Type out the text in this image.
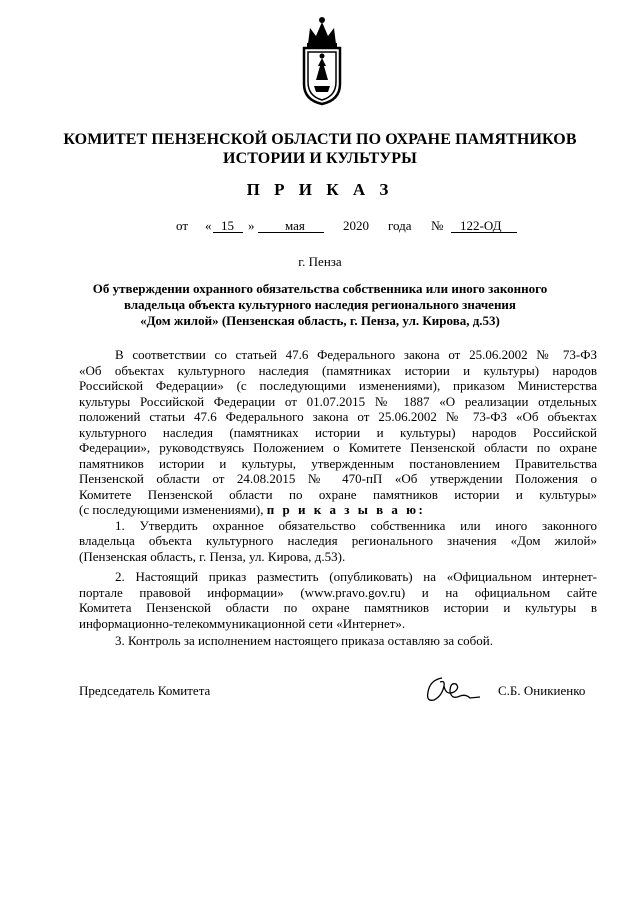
КОМИТЕТ ПЕНЗЕНСКОЙ ОБЛАСТИ ПО ОХРАНЕ ПАМЯТНИКОВ
ИСТОРИИ И КУЛЬТУРЫ
П Р И К А З
от « 15 » мая	2020 года № 122-ОД
г. Пенза
Об утверждении охранного обязательства собственника или иного законного
владельца объекта культурного наследия регионального значения
«Дом жилой» (Пензенская область, г. Пенза, ул. Кирова, д.53)
В соответствии со статьей 47.6 Федерального закона от 25.06.2002 № 73-ФЗ
«Об объектах культурного наследия (памятниках истории и культуры) народов
Российской Федерации» (с последующими изменениями), приказом Министерства
культуры Российской Федерации от 01.07.2015 № 1887 «О реализации отдельных
положений статьи 47.6 Федерального закона от 25.06.2002 № 73-ФЗ «Об объектах
культурного наследия (памятниках истории и культуры) народов Российской
Федерации», руководствуясь Положением о Комитете Пензенской области по охране
памятников истории и культуры, утвержденным постановлением Правительства
Пензенской области от 24.08.2015 № 470-пП «Об утверждении Положения о
Комитете Пензенской области по охране памятников истории и культуры»
(с последующими изменениями), п р и к а з ы в а ю:
1. Утвердить охранное обязательство собственника или иного законного
владельца объекта культурного наследия регионального значения «Дом жилой»
(Пензенская область, г. Пенза, ул. Кирова, д.53).
2. Настоящий приказ разместить (опубликовать) на «Официальном интернет-
портале правовой информации» (www.pravo.gov.ru) и на официальном сайте
Комитета Пензенской области по охране памятников истории и культуры в
информационно-телекоммуникационной сети «Интернет».
3. Контроль за исполнением настоящего приказа оставляю за собой.
Председатель Комитета	С.Б. Оникиенко
